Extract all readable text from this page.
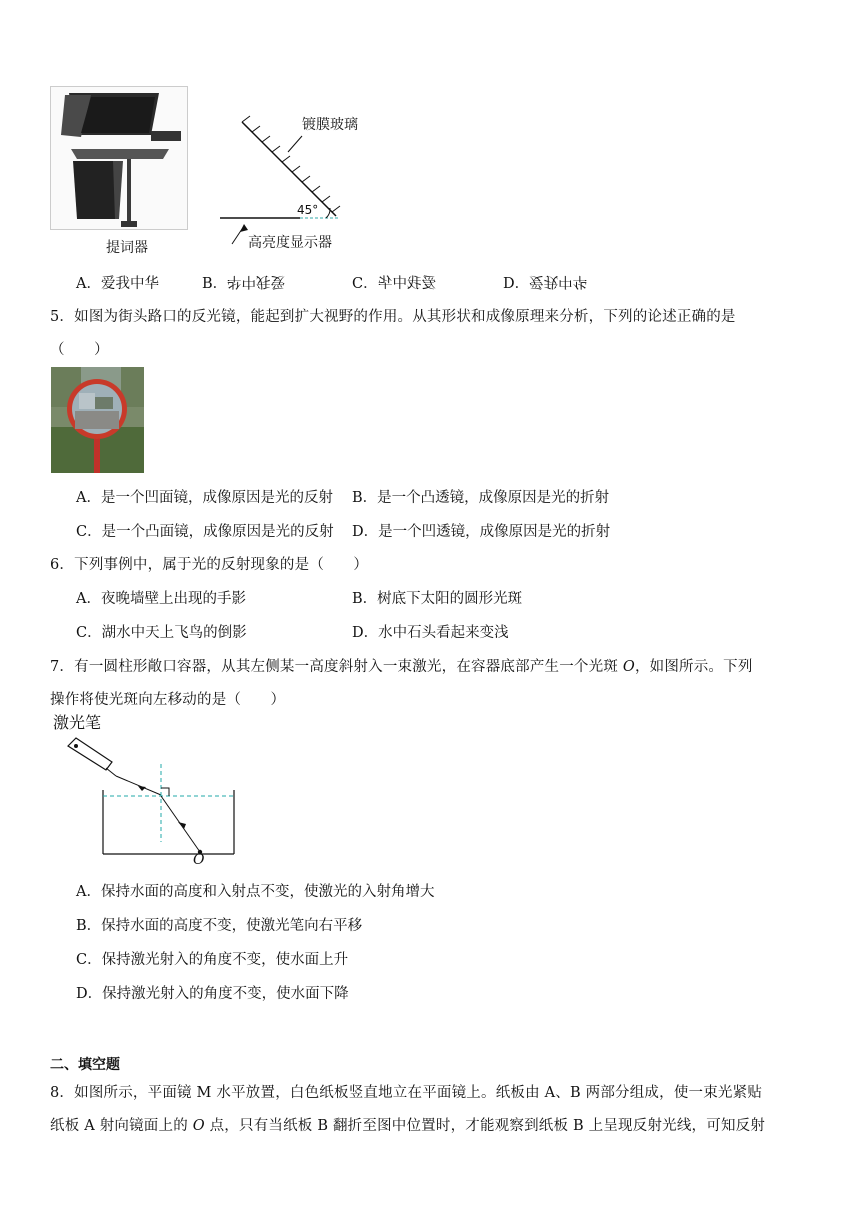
提词器
镀膜玻璃
45°
高亮度显示器
A．爱我中华	B．爱我中华	C．爱我中华	D．爱我中华
5．如图为街头路口的反光镜，能起到扩大视野的作用。从其形状和成像原理来分析，下列的论述正确的是
（　　）
A．是一个凹面镜，成像原因是光的反射 B．是一个凸透镜，成像原因是光的折射
C．是一个凸面镜，成像原因是光的反射 D．是一个凹透镜，成像原因是光的折射
6．下列事例中，属于光的反射现象的是（　　）
A．夜晚墙壁上出现的手影	B．树底下太阳的圆形光斑
C．湖水中天上飞鸟的倒影	D．水中石头看起来变浅
7．有一圆柱形敞口容器，从其左侧某一高度斜射入一束激光，在容器底部产生一个光斑 O，如图所示。下列
操作将使光斑向左移动的是（　　）
激光笔
O
A．保持水面的高度和入射点不变，使激光的入射角增大
B．保持水面的高度不变，使激光笔向右平移
C．保持激光射入的角度不变，使水面上升
D．保持激光射入的角度不变，使水面下降
二、填空题
8．如图所示，平面镜 M 水平放置，白色纸板竖直地立在平面镜上。纸板由 A、B 两部分组成，使一束光紧贴
纸板 A 射向镜面上的 O 点，只有当纸板 B 翻折至图中位置时，才能观察到纸板 B 上呈现反射光线，可知反射
